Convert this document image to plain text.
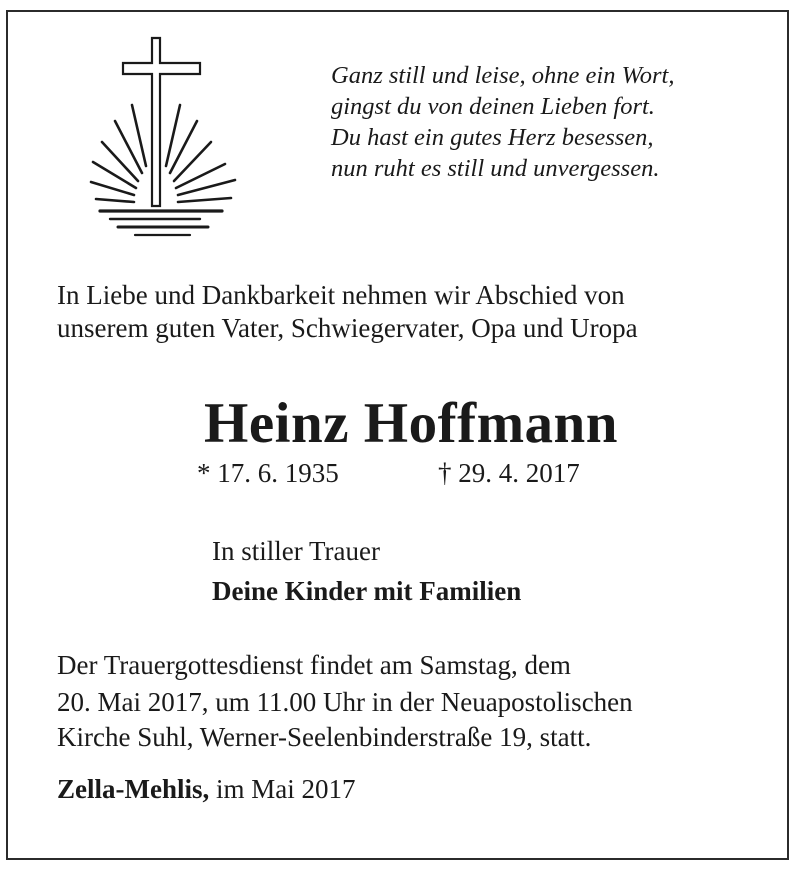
Ganz still und leise, ohne ein Wort,
gingst du von deinen Lieben fort.
Du hast ein gutes Herz besessen,
nun ruht es still und unvergessen.
In Liebe und Dankbarkeit nehmen wir Abschied von
unserem guten Vater, Schwiegervater, Opa und Uropa
Heinz Hoffmann
* 17. 6. 1935	† 29. 4. 2017
In stiller Trauer
Deine Kinder mit Familien
Der Trauergottesdienst findet am Samstag, dem
20. Mai 2017, um 11.00 Uhr in der Neuapostolischen
Kirche Suhl, Werner-Seelenbinderstraße 19, statt.
Zella-Mehlis, im Mai 2017
